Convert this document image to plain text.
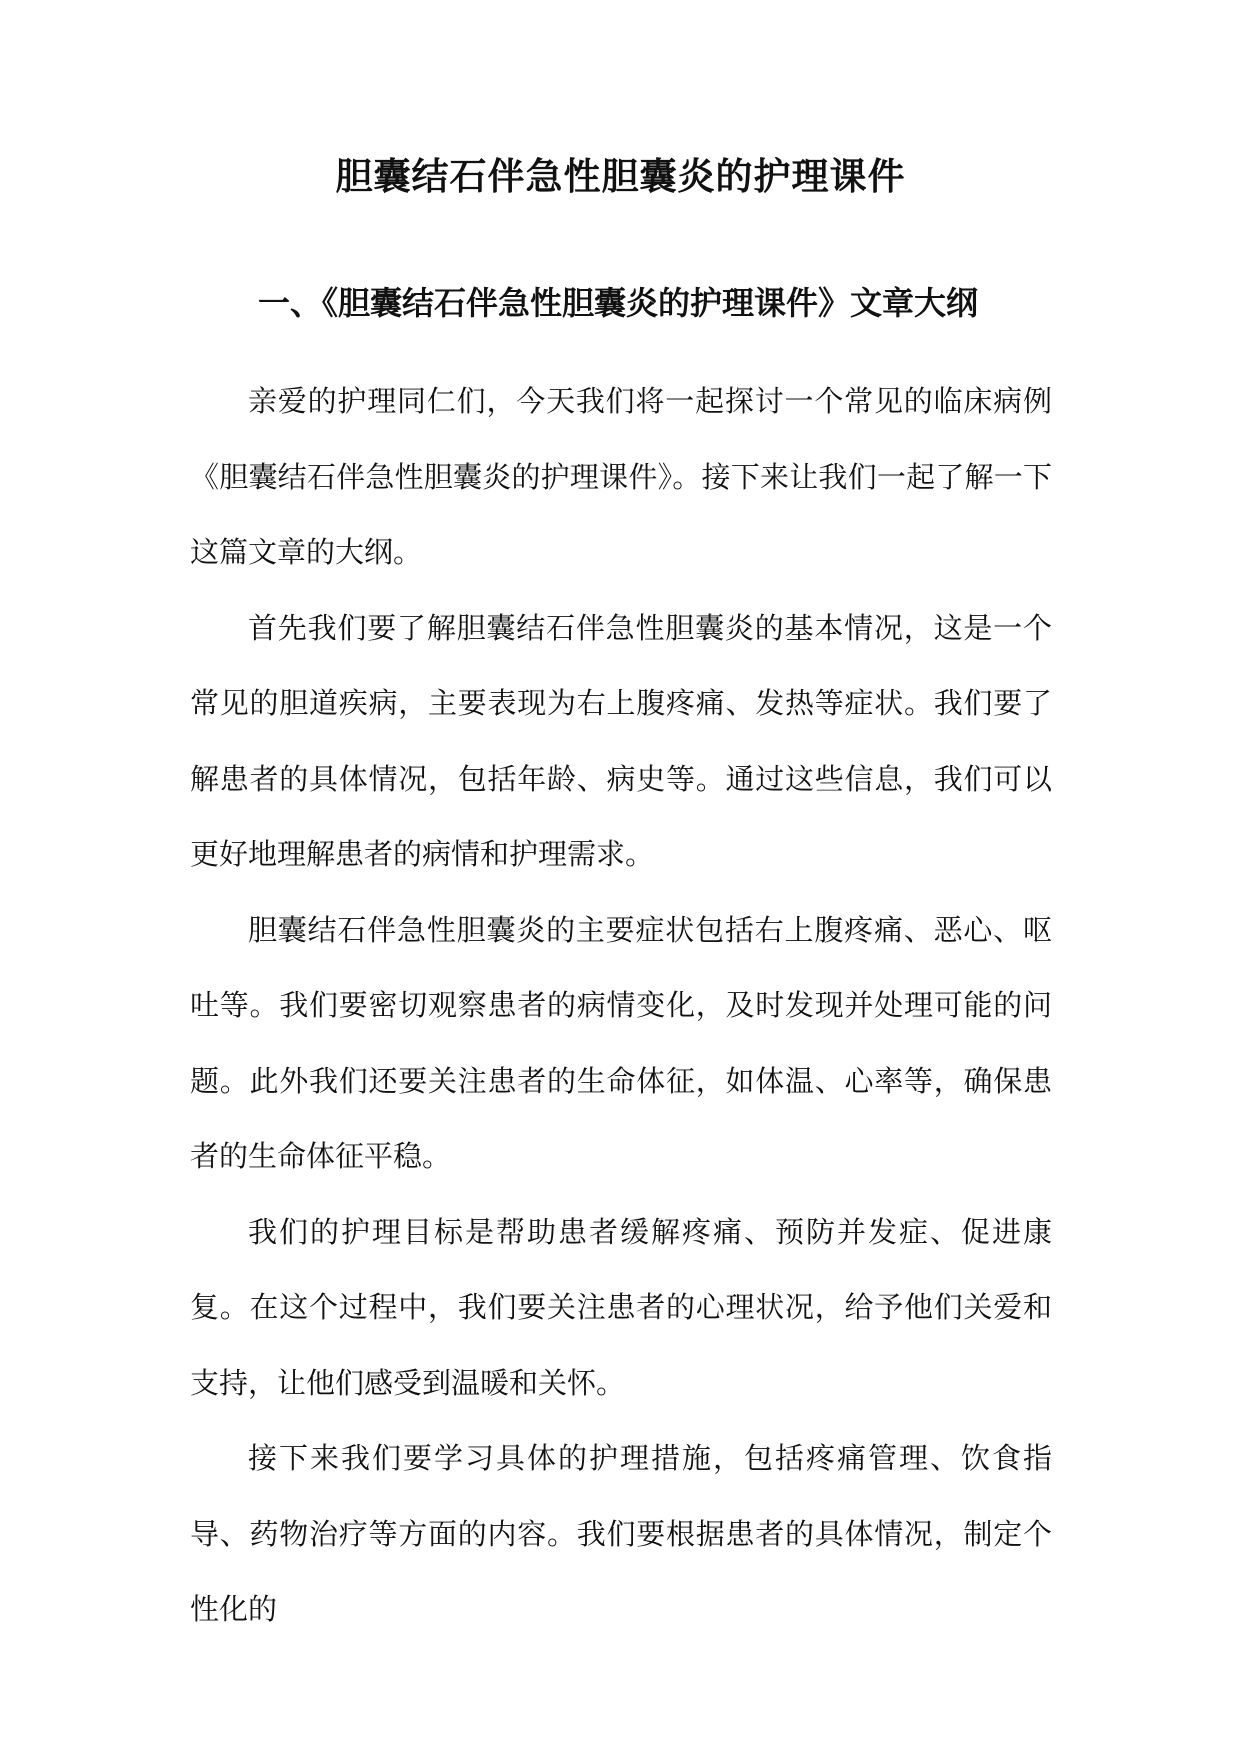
胆囊结石伴急性胆囊炎的护理课件
一、《胆囊结石伴急性胆囊炎的护理课件》文章大纲

亲爱的护理同仁们，今天我们将一起探讨一个常见的临床病例《胆囊结石伴急性胆囊炎的护理课件》。接下来让我们一起了解一下这篇文章的大纲。

首先我们要了解胆囊结石伴急性胆囊炎的基本情况，这是一个常见的胆道疾病，主要表现为右上腹疼痛、发热等症状。我们要了解患者的具体情况，包括年龄、病史等。通过这些信息，我们可以更好地理解患者的病情和护理需求。

胆囊结石伴急性胆囊炎的主要症状包括右上腹疼痛、恶心、呕吐等。我们要密切观察患者的病情变化，及时发现并处理可能的问题。此外我们还要关注患者的生命体征，如体温、心率等，确保患者的生命体征平稳。

我们的护理目标是帮助患者缓解疼痛、预防并发症、促进康复。在这个过程中，我们要关注患者的心理状况，给予他们关爱和支持，让他们感受到温暖和关怀。

接下来我们要学习具体的护理措施，包括疼痛管理、饮食指导、药物治疗等方面的内容。我们要根据患者的具体情况，制定个性化的
